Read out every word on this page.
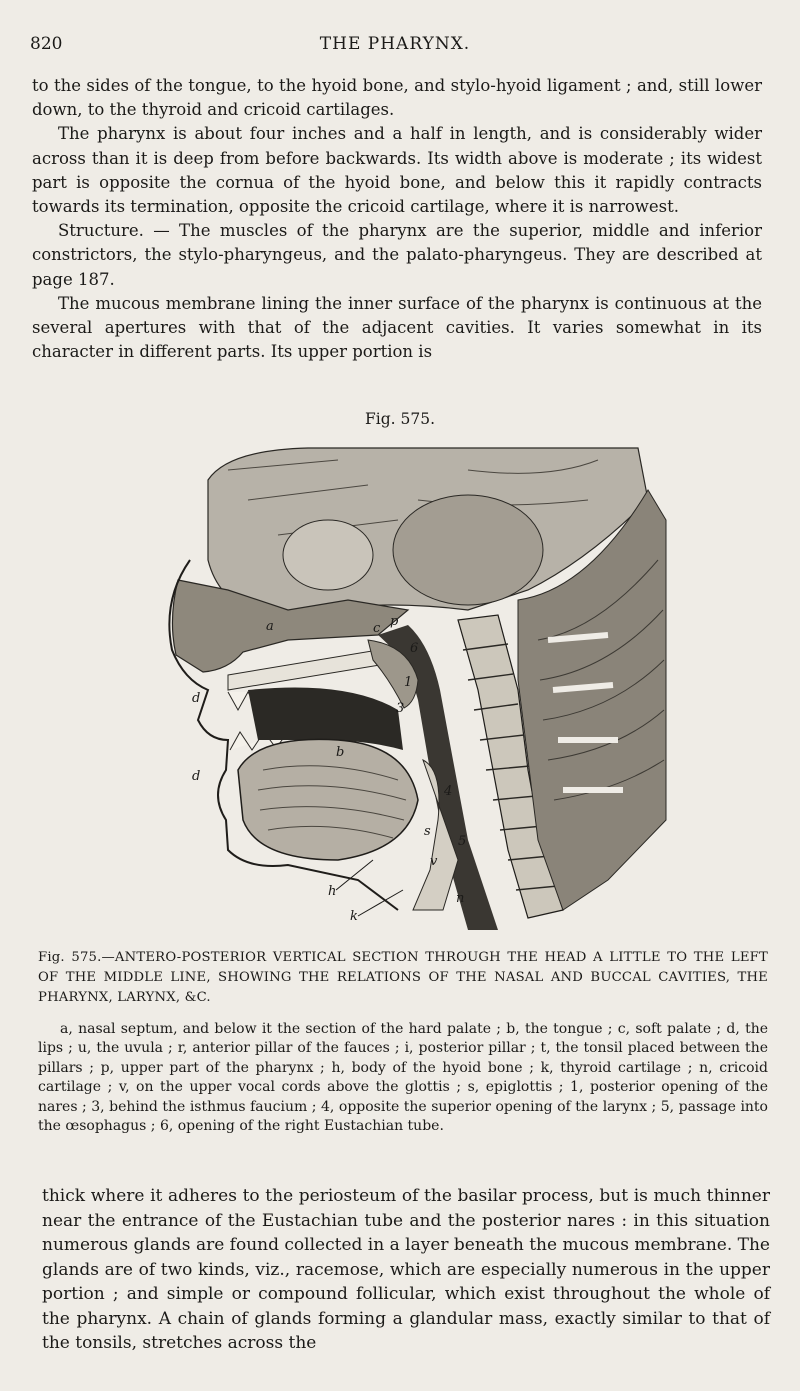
820	THE PHARYNX.

to the sides of the tongue, to the hyoid bone, and stylo-hyoid ligament ; and, still lower down, to the thyroid and cricoid cartilages.

The pharynx is about four inches and a half in length, and is considerably wider across than it is deep from before backwards. Its width above is moderate ; its widest part is opposite the cornua of the hyoid bone, and below this it rapidly contracts towards its termination, opposite the cricoid cartilage, where it is narrowest.

Structure. — The muscles of the pharynx are the superior, middle and inferior constrictors, the stylo-pharyngeus, and the palato-pharyngeus. They are described at page 187.

The mucous membrane lining the inner surface of the pharynx is continuous at the several apertures with that of the adjacent cavities. It varies somewhat in its character in different parts. Its upper portion is

Fig. 575.
a
b
c p
d
d
h
k
n
v
s
1
3
4
5
6
Fig. 575.—ANTERO-POSTERIOR VERTICAL SECTION THROUGH THE HEAD A LITTLE TO THE LEFT OF THE MIDDLE LINE, SHOWING THE RELATIONS OF THE NASAL AND BUCCAL CAVITIES, THE PHARYNX, LARYNX, &C.

a, nasal septum, and below it the section of the hard palate ; b, the tongue ; c, soft palate ; d, the lips ; u, the uvula ; r, anterior pillar of the fauces ; i, posterior pillar ; t, the tonsil placed between the pillars ; p, upper part of the pharynx ; h, body of the hyoid bone ; k, thyroid cartilage ; n, cricoid cartilage ; v, on the upper vocal cords above the glottis ; s, epiglottis ; 1, posterior opening of the nares ; 3, behind the isthmus faucium ; 4, opposite the superior opening of the larynx ; 5, passage into the œsophagus ; 6, opening of the right Eustachian tube.

thick where it adheres to the periosteum of the basilar process, but is much thinner near the entrance of the Eustachian tube and the posterior nares : in this situation numerous glands are found collected in a layer beneath the mucous membrane. The glands are of two kinds, viz., racemose, which are especially numerous in the upper portion ; and simple or compound follicular, which exist throughout the whole of the pharynx. A chain of glands forming a glandular mass, exactly similar to that of the tonsils, stretches across the
